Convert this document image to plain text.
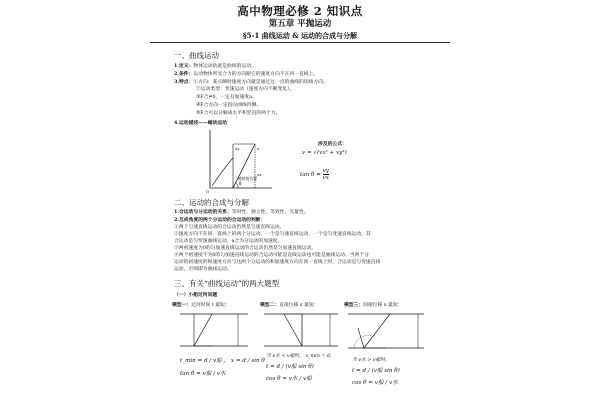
高中物理必修 2 知识点
第五章 平抛运动
§5-1 曲线运动 & 运动的合成与分解
一、曲线运动
1.定义：物体运动轨迹是曲线的运动。
2.条件：运动物体所受合力的方向跟它的速度方向不在同一直线上。
3.特点：①方向：某点瞬时速度方向就是通过这一点的曲线的切线方向。
②运动类型：变速运动（速度方向不断变化）。
③F合≠0，一定有加速度a。
④F合方向一定指向曲线凹侧。
⑤F合可以分解成水平和竖直的两个力。
4.运动描述——蜡块运动
vy	v
vx
θ
O
蜡块的位置
涉及的公式：
v = √(vx² + vy²)
$\tan \theta = \frac{vy}{vx}$
二、运动的合成与分解
1.合运动与分运动的关系：等时性、独立性、等效性、矢量性。
2.互成角度的两个分运动的合运动的判断：
①两个匀速直线运动的合运动仍然是匀速直线运动。
②速度方向不在同一直线上的两个分运动，一个是匀速直线运动，一个是匀变速直线运动，其
合运动是匀变速曲线运动，a合为分运动的加速度。
③两初速度为0的匀加速直线运动的合运动仍然是匀加速直线运动。
④两个初速度不为0的匀加速直线运动的合运动可能是直线运动也可能是曲线运动。当两个分
运动的初速度的和速度方向与这两个分运动的和加速度方向在同一直线上时，合运动是匀变速直线
运动，否则即为曲线运动。
三、有关“曲线运动”的两大题型
（一）小船过河问题
模型一：过河时间 t 最短：
t_min = d / v船 ， x = d / sin θ
tan θ = v船 / v水
模型二：直接位移 x 最短：
当 v水 < v船时， x_min = d，
t = d / (v船 sin θ)
cos θ = v水 / v船
模型三：间接位移 x 最短：
当 v水 > v船时，
t = d / (v船 sin θ)
cos θ = v船 / v水
